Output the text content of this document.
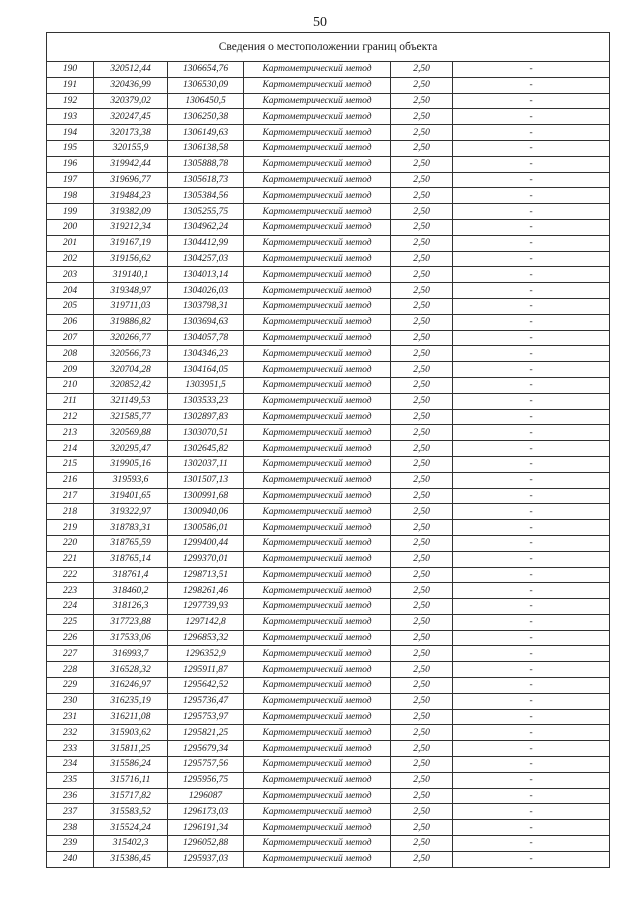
50
Сведения о местоположении границ объекта					
190	320512,44	1306654,76	Картометрический метод	2,50	-
191	320436,99	1306530,09	Картометрический метод	2,50	-
192	320379,02	1306450,5	Картометрический метод	2,50	-
193	320247,45	1306250,38	Картометрический метод	2,50	-
194	320173,38	1306149,63	Картометрический метод	2,50	-
195	320155,9	1306138,58	Картометрический метод	2,50	-
196	319942,44	1305888,78	Картометрический метод	2,50	-
197	319696,77	1305618,73	Картометрический метод	2,50	-
198	319484,23	1305384,56	Картометрический метод	2,50	-
199	319382,09	1305255,75	Картометрический метод	2,50	-
200	319212,34	1304962,24	Картометрический метод	2,50	-
201	319167,19	1304412,99	Картометрический метод	2,50	-
202	319156,62	1304257,03	Картометрический метод	2,50	-
203	319140,1	1304013,14	Картометрический метод	2,50	-
204	319348,97	1304026,03	Картометрический метод	2,50	-
205	319711,03	1303798,31	Картометрический метод	2,50	-
206	319886,82	1303694,63	Картометрический метод	2,50	-
207	320266,77	1304057,78	Картометрический метод	2,50	-
208	320566,73	1304346,23	Картометрический метод	2,50	-
209	320704,28	1304164,05	Картометрический метод	2,50	-
210	320852,42	1303951,5	Картометрический метод	2,50	-
211	321149,53	1303533,23	Картометрический метод	2,50	-
212	321585,77	1302897,83	Картометрический метод	2,50	-
213	320569,88	1303070,51	Картометрический метод	2,50	-
214	320295,47	1302645,82	Картометрический метод	2,50	-
215	319905,16	1302037,11	Картометрический метод	2,50	-
216	319593,6	1301507,13	Картометрический метод	2,50	-
217	319401,65	1300991,68	Картометрический метод	2,50	-
218	319322,97	1300940,06	Картометрический метод	2,50	-
219	318783,31	1300586,01	Картометрический метод	2,50	-
220	318765,59	1299400,44	Картометрический метод	2,50	-
221	318765,14	1299370,01	Картометрический метод	2,50	-
222	318761,4	1298713,51	Картометрический метод	2,50	-
223	318460,2	1298261,46	Картометрический метод	2,50	-
224	318126,3	1297739,93	Картометрический метод	2,50	-
225	317723,88	1297142,8	Картометрический метод	2,50	-
226	317533,06	1296853,32	Картометрический метод	2,50	-
227	316993,7	1296352,9	Картометрический метод	2,50	-
228	316528,32	1295911,87	Картометрический метод	2,50	-
229	316246,97	1295642,52	Картометрический метод	2,50	-
230	316235,19	1295736,47	Картометрический метод	2,50	-
231	316211,08	1295753,97	Картометрический метод	2,50	-
232	315903,62	1295821,25	Картометрический метод	2,50	-
233	315811,25	1295679,34	Картометрический метод	2,50	-
234	315586,24	1295757,56	Картометрический метод	2,50	-
235	315716,11	1295956,75	Картометрический метод	2,50	-
236	315717,82	1296087	Картометрический метод	2,50	-
237	315583,52	1296173,03	Картометрический метод	2,50	-
238	315524,24	1296191,34	Картометрический метод	2,50	-
239	315402,3	1296052,88	Картометрический метод	2,50	-
240	315386,45	1295937,03	Картометрический метод	2,50	-
